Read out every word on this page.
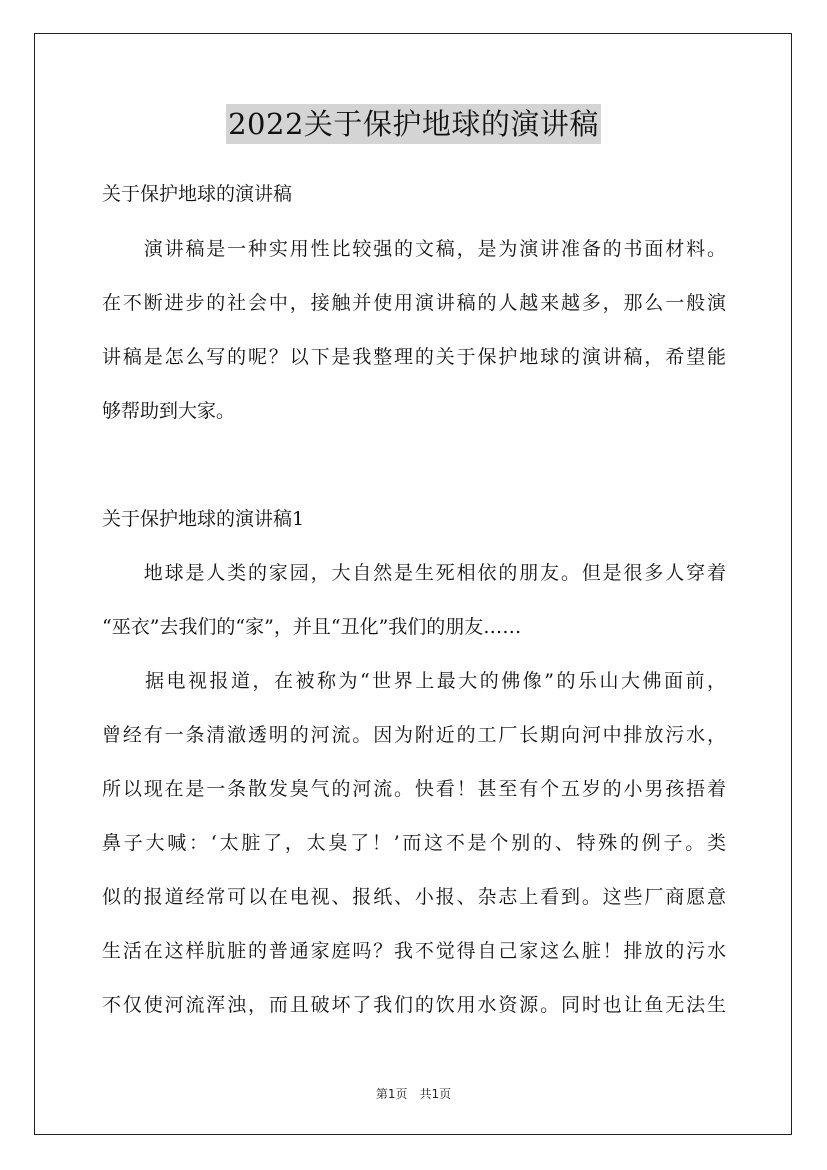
2022关于保护地球的演讲稿
关于保护地球的演讲稿
　　演讲稿是一种实用性比较强的文稿，是为演讲准备的书面材料。
在不断进步的社会中，接触并使用演讲稿的人越来越多，那么一般演
讲稿是怎么写的呢？以下是我整理的关于保护地球的演讲稿，希望能
够帮助到大家。
关于保护地球的演讲稿1
　　地球是人类的家园，大自然是生死相依的朋友。但是很多人穿着
“巫衣”去我们的“家”，并且“丑化”我们的朋友……
　　据电视报道，在被称为“世界上最大的佛像”的乐山大佛面前，
曾经有一条清澈透明的河流。因为附近的工厂长期向河中排放污水，
所以现在是一条散发臭气的河流。快看！甚至有个五岁的小男孩捂着
鼻子大喊：‘太脏了，太臭了！’而这不是个别的、特殊的例子。类
似的报道经常可以在电视、报纸、小报、杂志上看到。这些厂商愿意
生活在这样肮脏的普通家庭吗？我不觉得自己家这么脏！排放的污水
不仅使河流浑浊，而且破坏了我们的饮用水资源。同时也让鱼无法生
第1页　共1页
